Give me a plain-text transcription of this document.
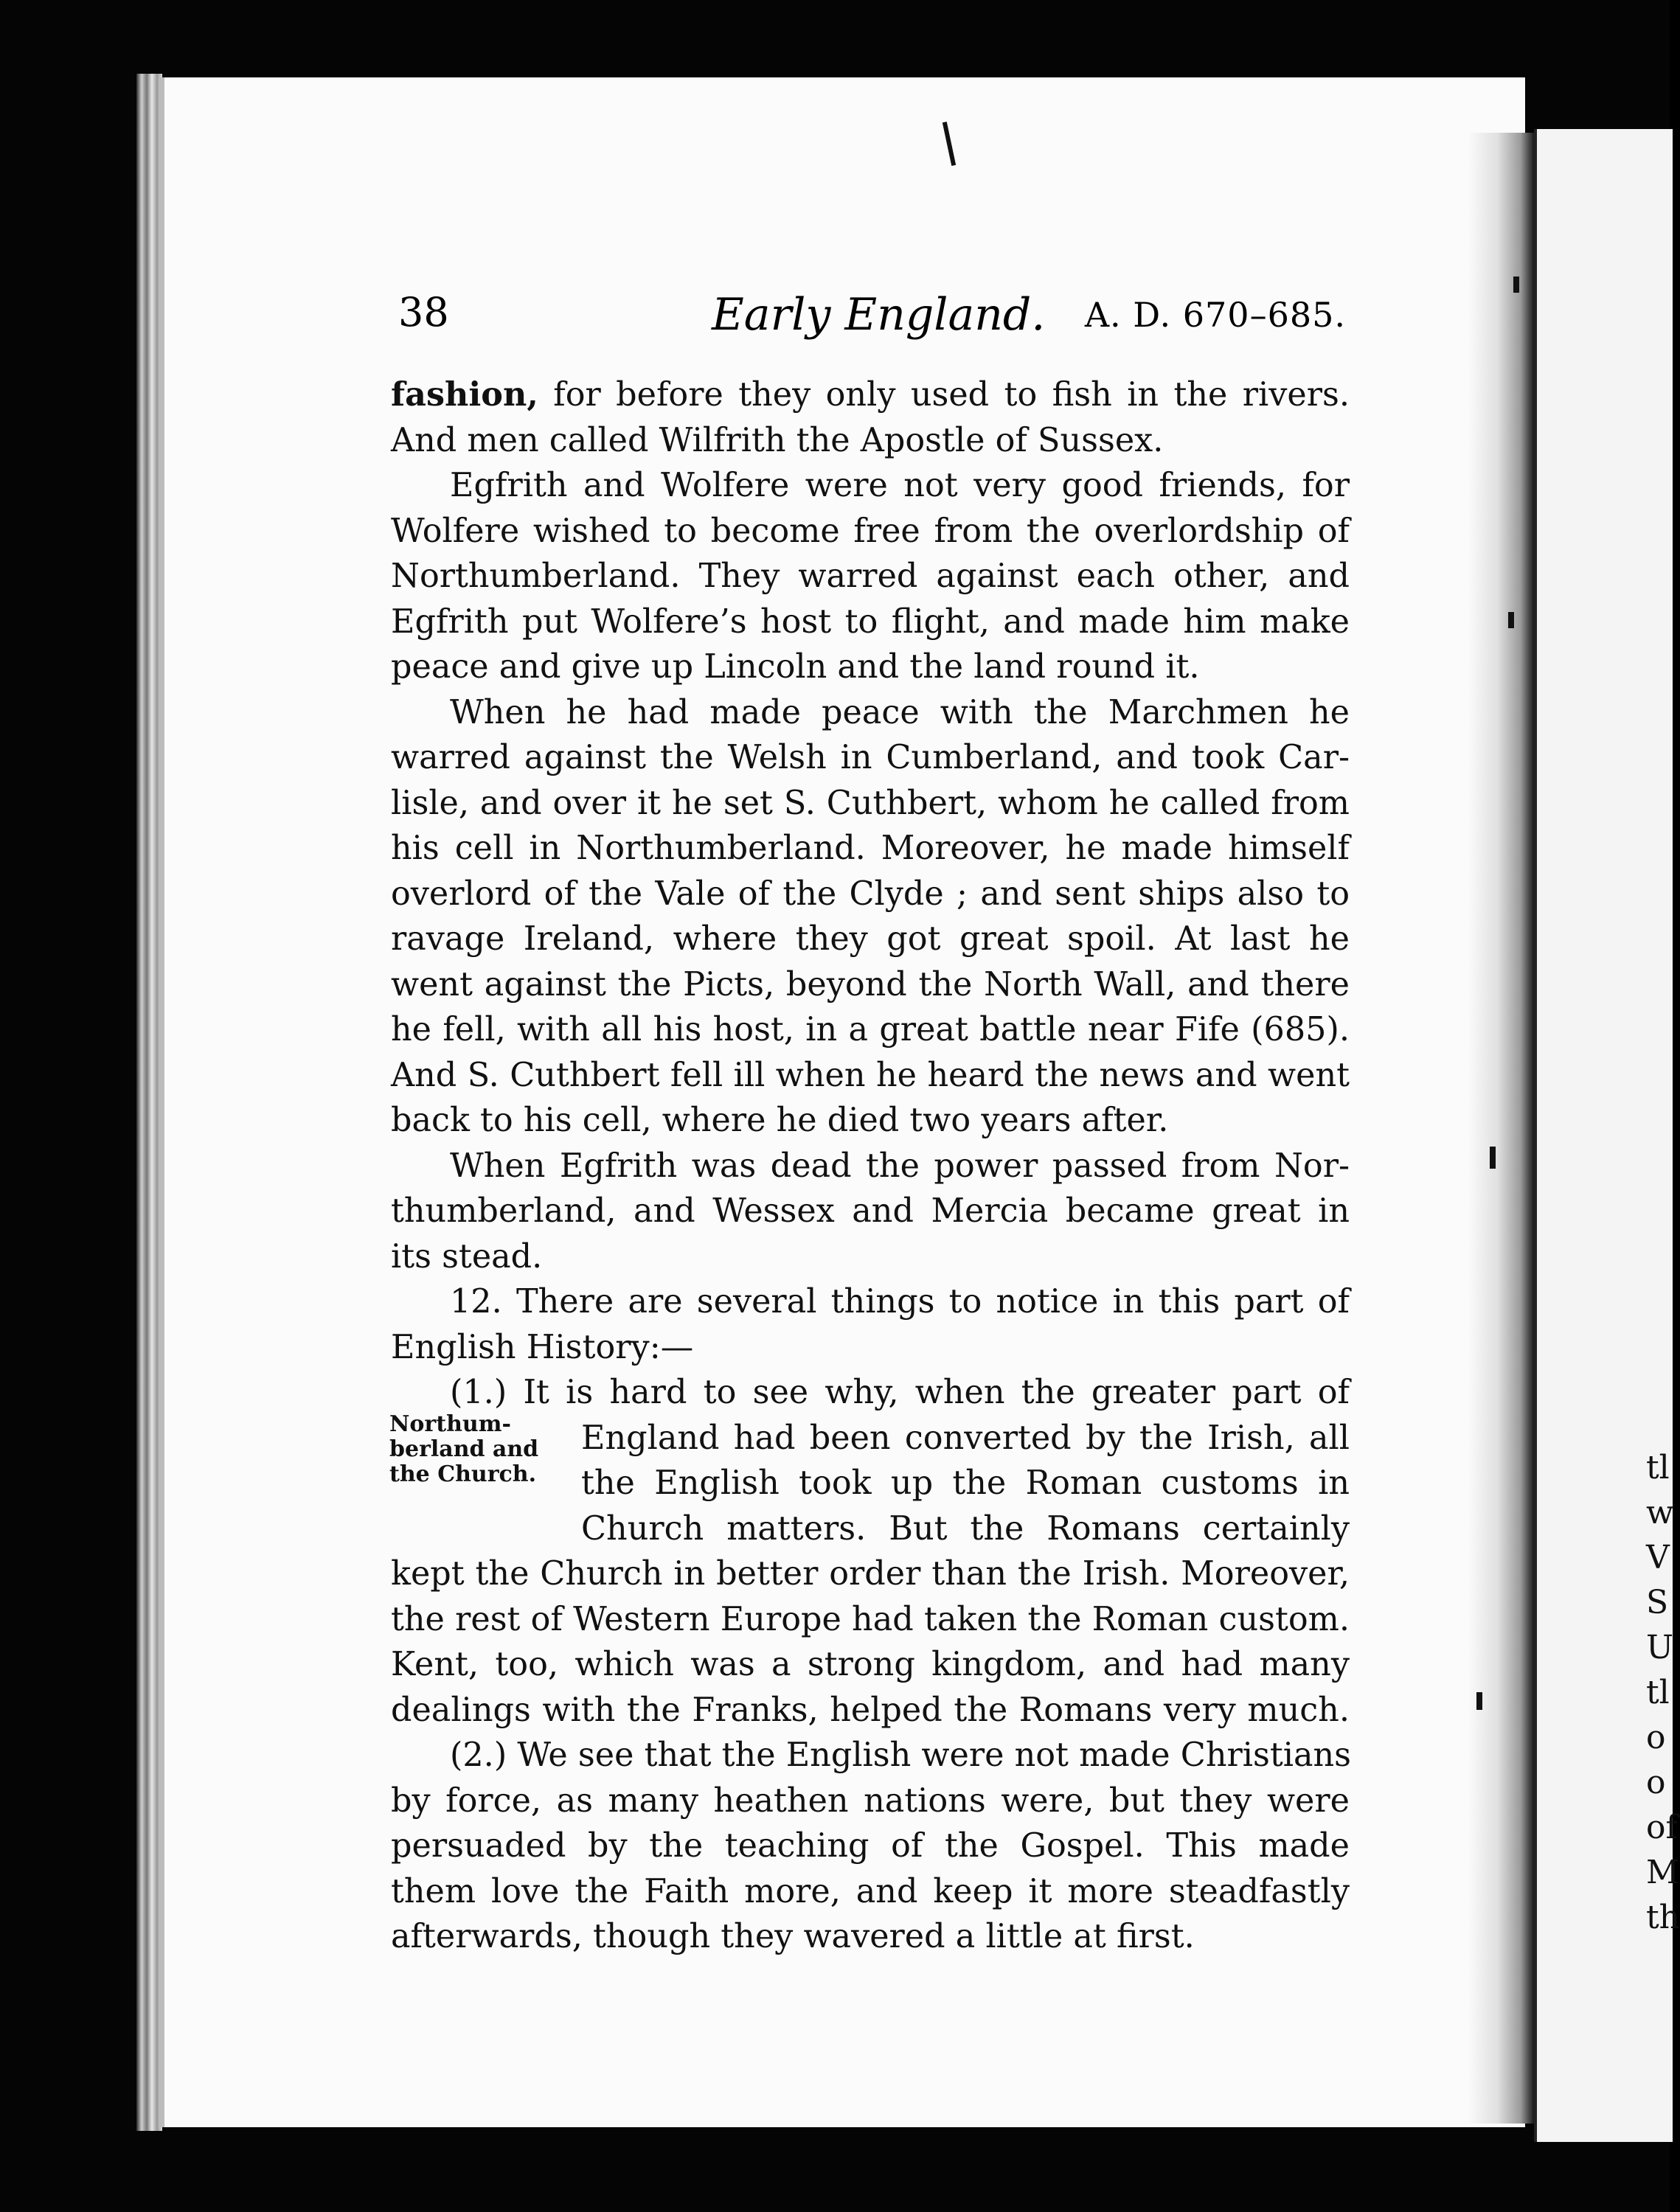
tl
w
V
S
U
tl
o
o
of
M
th
38	Early England. A. D. 670–685.
fashion, for before they only used to fish in the rivers.
And men called Wilfrith the Apostle of Sussex.
Egfrith and Wolfere were not very good friends, for
Wolfere wished to become free from the overlordship of
Northumberland. They warred against each other, and
Egfrith put Wolfere’s host to flight, and made him make
peace and give up Lincoln and the land round it.
When he had made peace with the Marchmen he
warred against the Welsh in Cumberland, and took Car-
lisle, and over it he set S. Cuthbert, whom he called from
his cell in Northumberland. Moreover, he made himself
overlord of the Vale of the Clyde ; and sent ships also to
ravage Ireland, where they got great spoil. At last he
went against the Picts, beyond the North Wall, and there
he fell, with all his host, in a great battle near Fife (685).
And S. Cuthbert fell ill when he heard the news and went
back to his cell, where he died two years after.
When Egfrith was dead the power passed from Nor-
thumberland, and Wessex and Mercia became great in
its stead.
12. There are several things to notice in this part of
English History:—
(1.) It is hard to see why, when the greater part of
England had been converted by the Irish, all
the English took up the Roman customs in
Church matters. But the Romans certainly
kept the Church in better order than the Irish. Moreover,
the rest of Western Europe had taken the Roman custom.
Kent, too, which was a strong kingdom, and had many
dealings with the Franks, helped the Romans very much.
(2.) We see that the English were not made Christians
by force, as many heathen nations were, but they were
persuaded by the teaching of the Gospel. This made
them love the Faith more, and keep it more steadfastly
afterwards, though they wavered a little at first.
Northum-
berland and
the Church.
